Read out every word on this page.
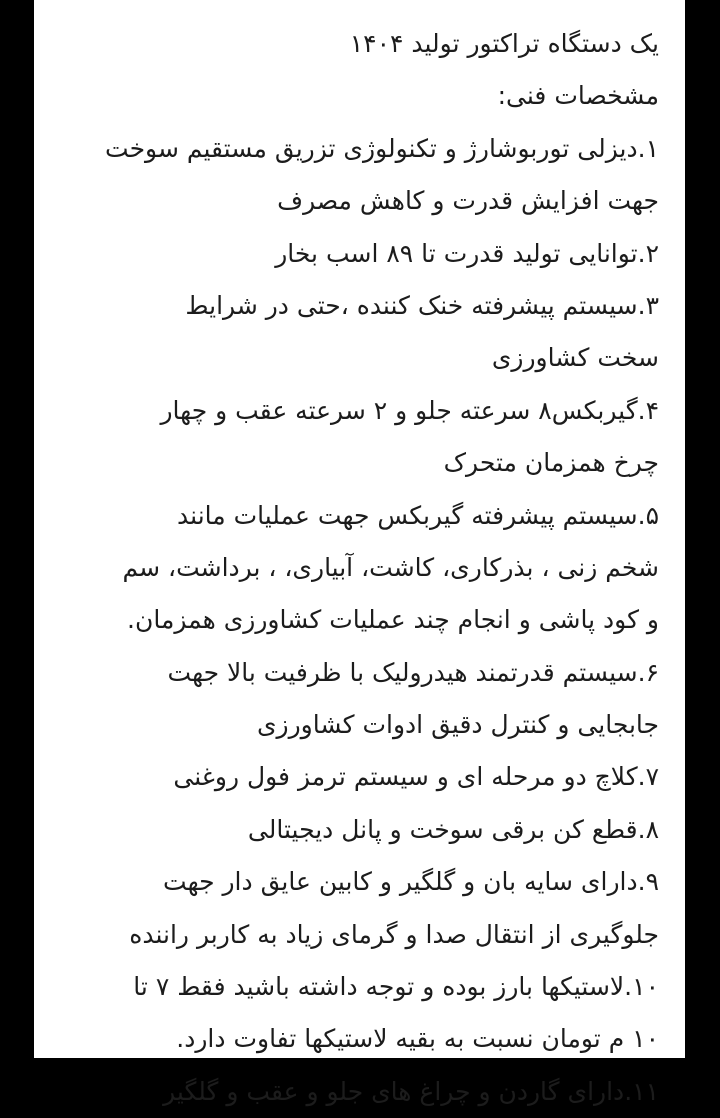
یک دستگاه تراکتور تولید ۱۴۰۴
مشخصات فنی:
۱.دیزلی توربوشارژ و تکنولوژی تزریق مستقیم سوخت
جهت افزایش قدرت و کاهش مصرف
۲.توانایی تولید قدرت تا ۸۹ اسب بخار
۳.سیستم پیشرفته خنک کننده ،حتی در شرایط
سخت کشاورزی
۴.گیربکس۸ سرعته جلو و ۲ سرعته عقب و چهار
چرخ همزمان متحرک
۵.سیستم پیشرفته گیربکس جهت عملیات مانند
شخم زنی ، بذرکاری، کاشت، آبیاری، ، برداشت، سم
و کود پاشی و انجام چند عملیات کشاورزی همزمان.
۶.سیستم قدرتمند هیدرولیک با ظرفیت بالا جهت
جابجایی و کنترل دقیق ادوات کشاورزی
۷.کلاچ دو مرحله ای و سیستم ترمز فول روغنی
۸.قطع کن برقی سوخت و پانل دیجیتالی
۹.دارای سایه بان و گلگیر و کابین عایق دار جهت
جلوگیری از انتقال صدا و گرمای زیاد به کاربر راننده
۱۰.لاستیکها بارز بوده و توجه داشته باشید فقط ۷ تا
۱۰ م تومان نسبت به بقیه لاستیکها تفاوت دارد.
۱۱.دارای گاردن و چراغ های جلو و عقب و گلگیر
